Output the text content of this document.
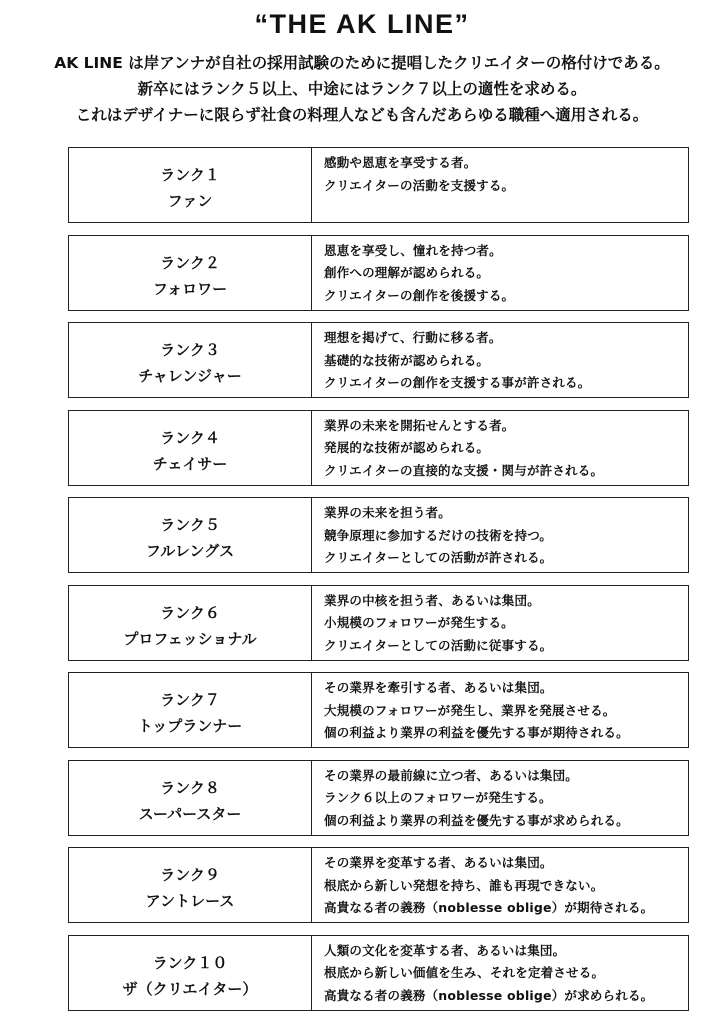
“THE AK LINE”

AK LINE は岸アンナが自社の採用試験のために提唱したクリエイターの格付けである。

新卒にはランク５以上、中途にはランク７以上の適性を求める。

これはデザイナーに限らず社食の料理人なども含んだあらゆる職種へ適用される。

ランク１
ファン

感動や恩恵を享受する者。

クリエイターの活動を支援する。

ランク２
フォロワー

恩恵を享受し、憧れを持つ者。

創作への理解が認められる。

クリエイターの創作を後援する。

ランク３
チャレンジャー

理想を掲げて、行動に移る者。

基礎的な技術が認められる。

クリエイターの創作を支援する事が許される。

ランク４
チェイサー

業界の未来を開拓せんとする者。

発展的な技術が認められる。

クリエイターの直接的な支援・関与が許される。

ランク５
フルレングス

業界の未来を担う者。

競争原理に参加するだけの技術を持つ。

クリエイターとしての活動が許される。

ランク６
プロフェッショナル

業界の中核を担う者、あるいは集団。

小規模のフォロワーが発生する。

クリエイターとしての活動に従事する。

ランク７
トップランナー

その業界を牽引する者、あるいは集団。

大規模のフォロワーが発生し、業界を発展させる。

個の利益より業界の利益を優先する事が期待される。

ランク８
スーパースター

その業界の最前線に立つ者、あるいは集団。

ランク６以上のフォロワーが発生する。

個の利益より業界の利益を優先する事が求められる。

ランク９
アントレース

その業界を変革する者、あるいは集団。

根底から新しい発想を持ち、誰も再現できない。

高貴なる者の義務（noblesse oblige）が期待される。

ランク１０
ザ（クリエイター）

人類の文化を変革する者、あるいは集団。

根底から新しい価値を生み、それを定着させる。

高貴なる者の義務（noblesse oblige）が求められる。
